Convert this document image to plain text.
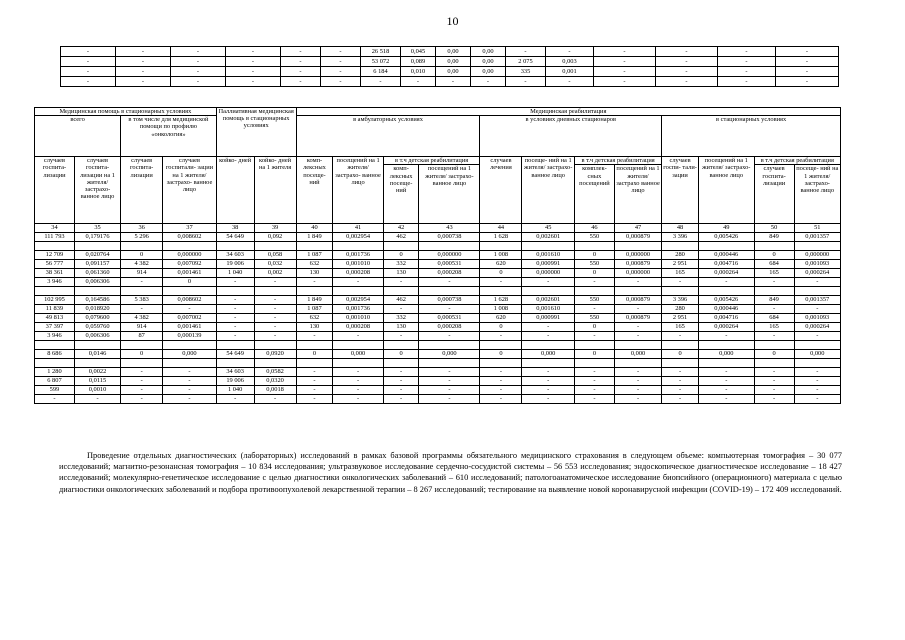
10
-	-	-	-	-	-	26 518	0,045	0,00	0,00	-	-	-	-	-	-
-	-	-	-	-	-	53 072	0,089	0,00	0,00	2 075	0,003	-	-	-	-
-	-	-	-	-	-	6 184	0,010	0,00	0,00	335	0,001	-	-	-	-
-	-	-	-	-	-	-	-	-	-	-	-	-	-	-	-
Медицинская помощь в стационарных условиях				Паллиативная медицинская помощь в стационарных условиях		Медицинская реабилитация											
всего		в том числе для медицинской помощи по профилю «онкология»				в амбулаторных условиях				в условиях дневных стационаров				в стационарных условиях			
случаев госпита- лизации	случаев госпита- лизации на 1 жителя/ застрахо- ванное лицо	случаев госпита- лизации	случаев госпитали- зации на 1 жителя/ застрахо- ванное лицо	койко- дней	койко- дней на 1 жителя	комп- лексных посеще- ний	посещений на 1 жителя/ застрахо- ванное лицо	в т.ч детская реабилитация		случаев лечения	посеще- ний на 1 жителя/ застрахо- ванное лицо	в т.ч детская реабилитация		случаев госпи- тали- зации	посещений на 1 жителя/ застрахо- ванное лицо	в т.ч детская реабилитация	
								комп- лексных посеще- ний	посещений на 1 жителя/ застрахо- ванное лицо			комплек- сных посещений	посещений на 1 жителя/ застрахо ванное лицо			случаев госпита- лизации	посеще- ний на 1 жителя/ застрахо- ванное лицо
34	35	36	37	38	39	40	41	42	43	44	45	46	47	48	49	50	51
111 793	0,179176	5 296	0,008602	54 649	0,092	1 849	0,002954	462	0,000738	1 628	0,002601	550	0,000879	3 396	0,005426	849	0,001357

12 709	0,020764	0	0,000000	34 603	0,058	1 087	0,001736	0	0,000000	1 008	0,001610	0	0,000000	280	0,000446	0	0,000000
56 777	0,091157	4 382	0,007092	19 006	0,032	632	0,001010	332	0,000531	620	0,000991	550	0,000879	2 951	0,004716	684	0,001093
38 361	0,061360	914	0,001461	1 040	0,002	130	0,000208	130	0,000208	0	0,000000	0	0,000000	165	0,000264	165	0,000264
3 946	0,006306	-	0	-	-	-	-	-	-	-	-	-	-	-	-	-	-

102 995	0,164586	5 383	0,008602	-	-	1 849	0,002954	462	0,000738	1 628	0,002601	550	0,000879	3 396	0,005426	849	0,001357
11 839	0,018920	-	-	-	-	1 087	0,001736	-	-	1 008	0,001610	-	-	280	0,000446	-	-
49 813	0,079600	4 382	0,007002	-	-	632	0,001010	332	0,000531	620	0,000991	550	0,000879	2 951	0,004716	684	0,001093
37 397	0,059760	914	0,001461	-	-	130	0,000208	130	0,000208	0	-	0	-	165	0,000264	165	0,000264
3 946	0,006306	87	0,000139	-	-	-	-	-	-	-	-	-	-	-	-	-	-

8 686	0,0146	0	0,000	54 649	0,0920	0	0,000	0	0,000	0	0,000	0	0,000	0	0,000	0	0,000

1 280	0,0022	-	-	34 603	0,0582	-	-	-	-	-	-	-	-	-	-	-	-
6 807	0,0115	-	-	19 006	0,0320	-	-	-	-	-	-	-	-	-	-	-	-
599	0,0010	-	-	1 040	0,0018	-	-	-	-	-	-	-	-	-	-	-	-
-	-	-	-	-	-	-	-	-	-	-	-	-	-	-	-	-	-
Проведение отдельных диагностических (лабораторных) исследований в рамках базовой программы обязательного медицинского страхования в следующем объеме: компьютерная томография – 30 077 исследований; магнитно-резонансная томография – 10 834 исследования; ультразвуковое исследование сердечно-сосудистой системы – 56 553 исследования; эндоскопическое диагностическое исследование – 18 427 исследований; молекулярно-генетическое исследование с целью диагностики онкологических заболеваний – 610 исследований; патологоанатомическое исследование биопсийного (операционного) материала с целью диагностики онкологических заболеваний и подбора противоопухолевой лекарственной терапии – 8 267 исследований; тестирование на выявление новой коронавирусной инфекции (COVID-19) – 172 409 исследований.
